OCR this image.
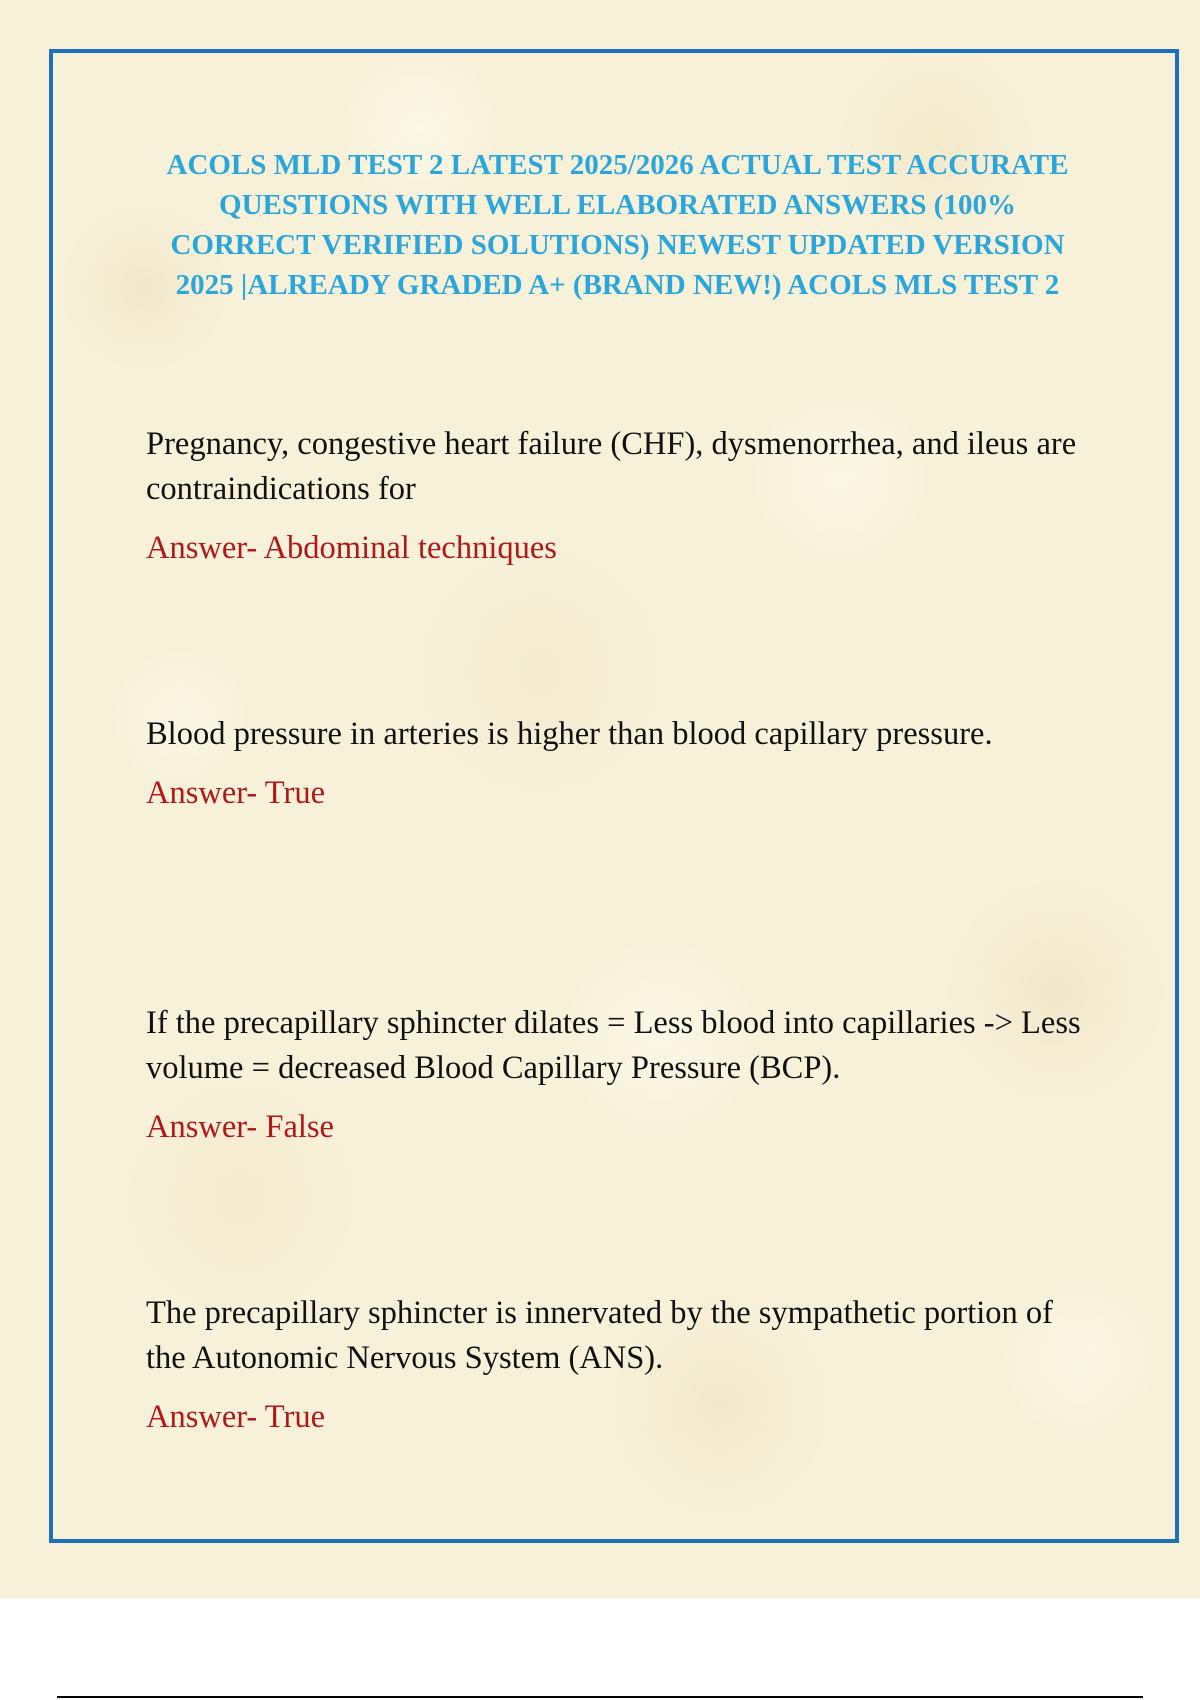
ACOLS MLD TEST 2 LATEST 2025/2026 ACTUAL TEST ACCURATE QUESTIONS WITH WELL ELABORATED ANSWERS (100% CORRECT VERIFIED SOLUTIONS) NEWEST UPDATED VERSION 2025 |ALREADY GRADED A+ (BRAND NEW!) ACOLS MLS TEST 2

Pregnancy, congestive heart failure (CHF), dysmenorrhea, and ileus are contraindications for

Answer- Abdominal techniques

Blood pressure in arteries is higher than blood capillary pressure.

Answer- True

If the precapillary sphincter dilates = Less blood into capillaries -> Less volume = decreased Blood Capillary Pressure (BCP).

Answer- False

The precapillary sphincter is innervated by the sympathetic portion of the Autonomic Nervous System (ANS).

Answer- True
